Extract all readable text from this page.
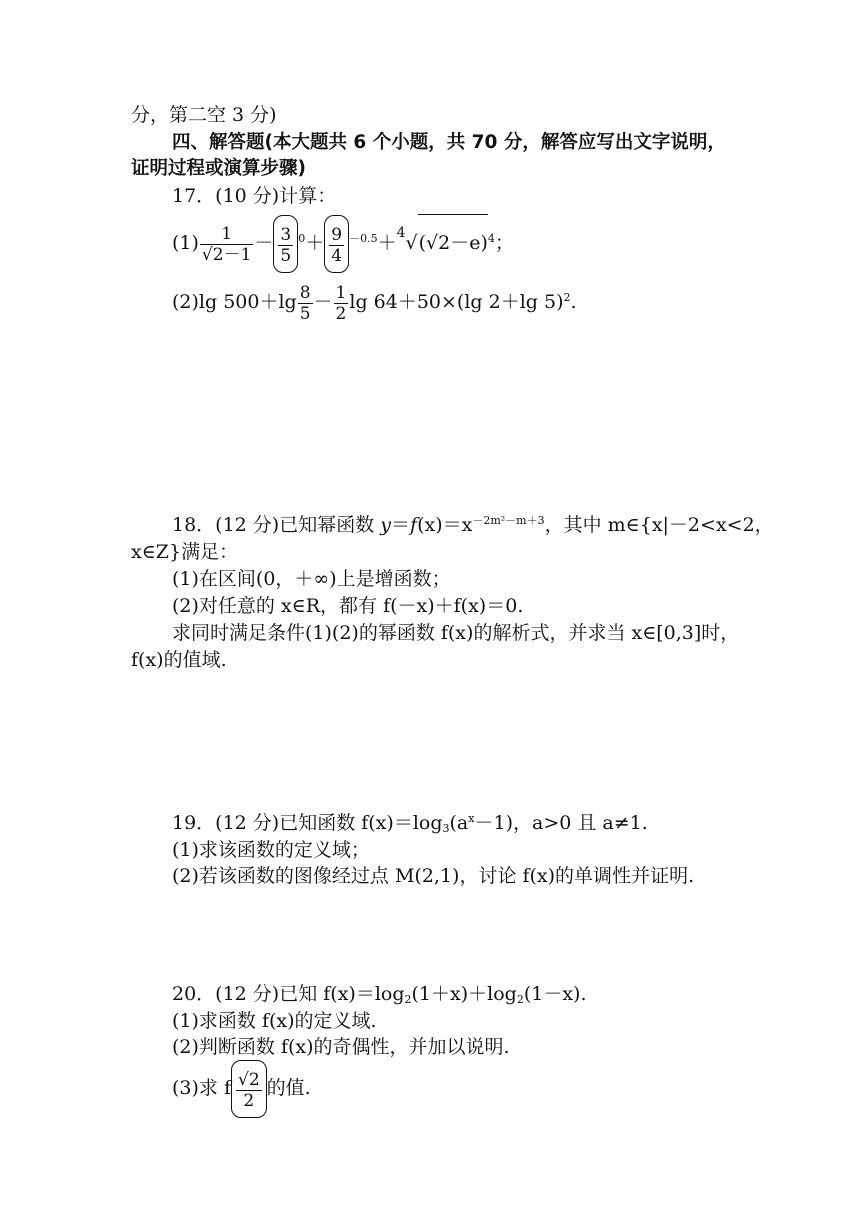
分，第二空 3 分)
四、解答题(本大题共 6 个小题，共 70 分，解答应写出文字说明，
证明过程或演算步骤)
17．(10 分)计算：
$(1) \frac{1}{√2-1} - \frac{3}{5} ^0+ \frac{9}{4} ^{-0.5}+^4√(√2-e)^4$；
(2)lg $500+\lg \frac{8}{5} - \frac{1}{2}$ lg 64＋50×(lg 2＋lg 5)$^2$.
18．(12 分)已知幂函数 $y=f(x)=x^{-2m^2-m+3}$，其中 m∈{x|－2<x<2，
x∈Z}满足：
(1)在区间(0，＋∞)上是增函数；
(2)对任意的 x∈R，都有 f(－x)＋f(x)＝0.
求同时满足条件(1)(2)的幂函数 f(x)的解析式，并求当 x∈[0,3]时，
f(x)的值域.
19．(12 分)已知函数 $f(x)=\log_3(a^x-1)$，a>0 且 a≠1.
(1)求该函数的定义域；
(2)若该函数的图像经过点 M(2,1)，讨论 f(x)的单调性并证明.
20．(12 分)已知 $f(x)=\log_2(1+x)+\log_2(1-x)$.
(1)求函数 f(x)的定义域.
(2)判断函数 f(x)的奇偶性，并加以说明.
(3)求 f $\frac{√2}{2}$ 的值.
